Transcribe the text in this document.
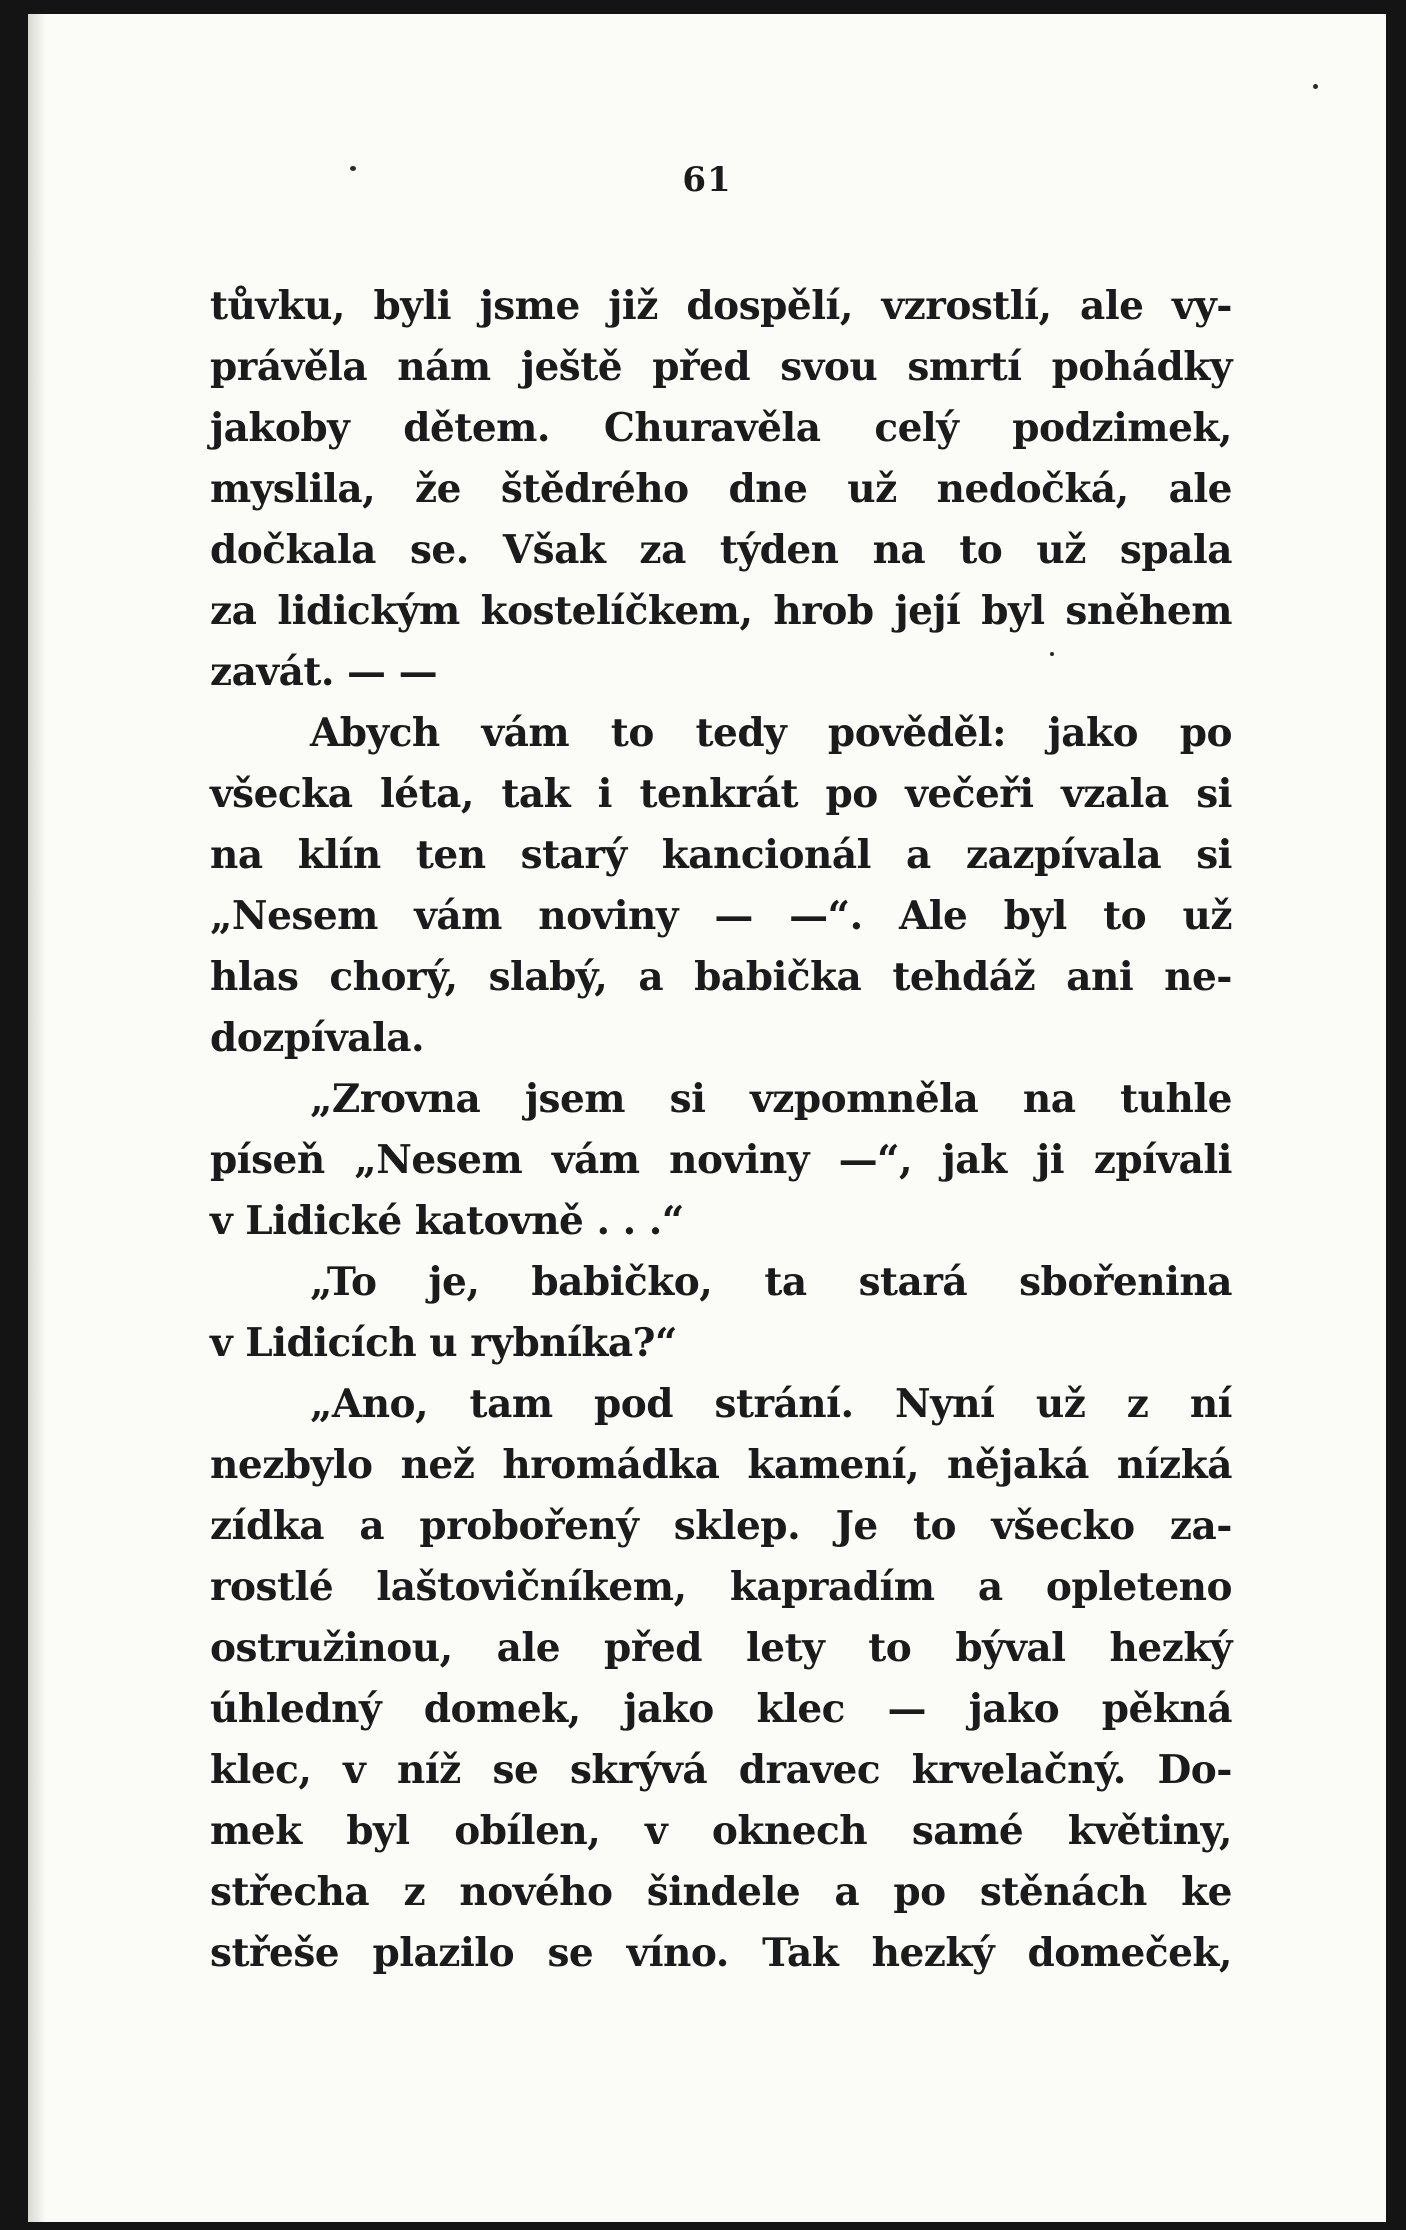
61
tůvku, byli jsme již dospělí, vzrostlí, ale vy-
právěla nám ještě před svou smrtí pohádky
jakoby dětem. Churavěla celý podzimek,
myslila, že štědrého dne už nedočká, ale
dočkala se. Však za týden na to už spala
za lidickým kostelíčkem, hrob její byl sněhem
zavát. — —
Abych vám to tedy pověděl: jako po
všecka léta, tak i tenkrát po večeři vzala si
na klín ten starý kancionál a zazpívala si
„Nesem vám noviny — —“. Ale byl to už
hlas chorý, slabý, a babička tehdáž ani ne-
dozpívala.
„Zrovna jsem si vzpomněla na tuhle
píseň „Nesem vám noviny —“, jak ji zpívali
v Lidické katovně . . .“
„To je, babičko, ta stará sbořenina
v Lidicích u rybníka?“
„Ano, tam pod strání. Nyní už z ní
nezbylo než hromádka kamení, nějaká nízká
zídka a probořený sklep. Je to všecko za-
rostlé laštovičníkem, kapradím a opleteno
ostružinou, ale před lety to býval hezký
úhledný domek, jako klec — jako pěkná
klec, v níž se skrývá dravec krvelačný. Do-
mek byl obílen, v oknech samé květiny,
střecha z nového šindele a po stěnách ke
střeše plazilo se víno. Tak hezký domeček,
